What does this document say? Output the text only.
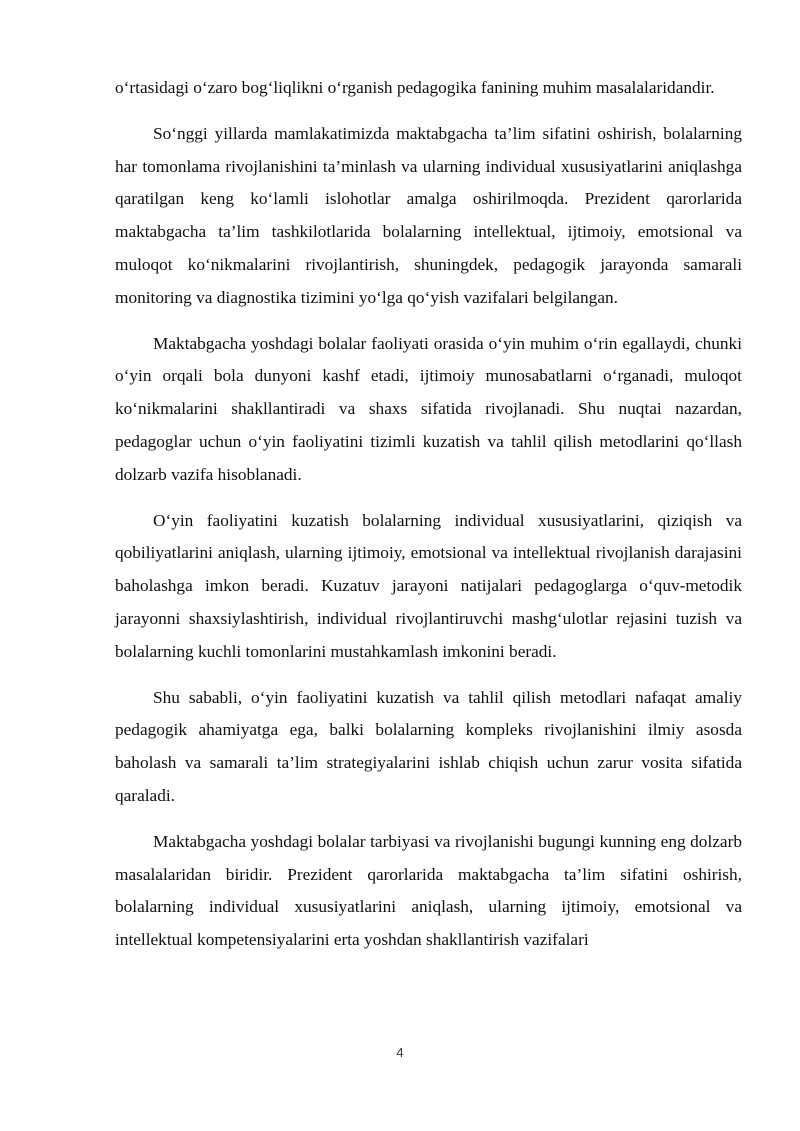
o‘rtasidagi o‘zaro bog‘liqlikni o‘rganish pedagogika fanining muhim masalalaridandir.

So‘nggi yillarda mamlakatimizda maktabgacha ta’lim sifatini oshirish, bolalarning har tomonlama rivojlanishini ta’minlash va ularning individual xususiyatlarini aniqlashga qaratilgan keng ko‘lamli islohotlar amalga oshirilmoqda. Prezident qarorlarida maktabgacha ta’lim tashkilotlarida bolalarning intellektual, ijtimoiy, emotsional va muloqot ko‘nikmalarini rivojlantirish, shuningdek, pedagogik jarayonda samarali monitoring va diagnostika tizimini yo‘lga qo‘yish vazifalari belgilangan.

Maktabgacha yoshdagi bolalar faoliyati orasida o‘yin muhim o‘rin egallaydi, chunki o‘yin orqali bola dunyoni kashf etadi, ijtimoiy munosabatlarni o‘rganadi, muloqot ko‘nikmalarini shakllantiradi va shaxs sifatida rivojlanadi. Shu nuqtai nazardan, pedagoglar uchun o‘yin faoliyatini tizimli kuzatish va tahlil qilish metodlarini qo‘llash dolzarb vazifa hisoblanadi.

O‘yin faoliyatini kuzatish bolalarning individual xususiyatlarini, qiziqish va qobiliyatlarini aniqlash, ularning ijtimoiy, emotsional va intellektual rivojlanish darajasini baholashga imkon beradi. Kuzatuv jarayoni natijalari pedagoglarga o‘quv-metodik jarayonni shaxsiylashtirish, individual rivojlantiruvchi mashg‘ulotlar rejasini tuzish va bolalarning kuchli tomonlarini mustahkamlash imkonini beradi.

Shu sababli, o‘yin faoliyatini kuzatish va tahlil qilish metodlari nafaqat amaliy pedagogik ahamiyatga ega, balki bolalarning kompleks rivojlanishini ilmiy asosda baholash va samarali ta’lim strategiyalarini ishlab chiqish uchun zarur vosita sifatida qaraladi.

Maktabgacha yoshdagi bolalar tarbiyasi va rivojlanishi bugungi kunning eng dolzarb masalalaridan biridir. Prezident qarorlarida maktabgacha ta’lim sifatini oshirish, bolalarning individual xususiyatlarini aniqlash, ularning ijtimoiy, emotsional va intellektual kompetensiyalarini erta yoshdan shakllantirish vazifalari

4
